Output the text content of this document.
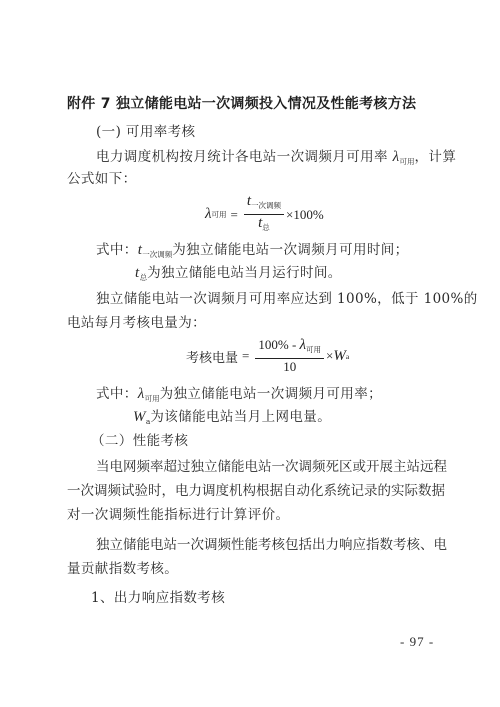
附件 7 独立储能电站一次调频投入情况及性能考核方法
(一) 可用率考核
电力调度机构按月统计各电站一次调频月可用率 $\lambda_{可用}$，计算
公式如下：
λ 可用 = $\frac{t_{一次调频}}{t_总} \times 100\%$
式中：$t_{一次调频}$为独立储能电站一次调频月可用时间；
$t_总$为独立储能电站当月运行时间。
独立储能电站一次调频月可用率应达到 100%，低于 100%的
电站每月考核电量为：
考核电量 = $\frac{100\% - \lambda_{可用}}{10} \times W$ a
式中：$\lambda_{可用}$为独立储能电站一次调频月可用率；
$W_a$为该储能电站当月上网电量。
（二）性能考核
当电网频率超过独立储能电站一次调频死区或开展主站远程
一次调频试验时，电力调度机构根据自动化系统记录的实际数据
对一次调频性能指标进行计算评价。
独立储能电站一次调频性能考核包括出力响应指数考核、电
量贡献指数考核。
1、出力响应指数考核
- 97 -
